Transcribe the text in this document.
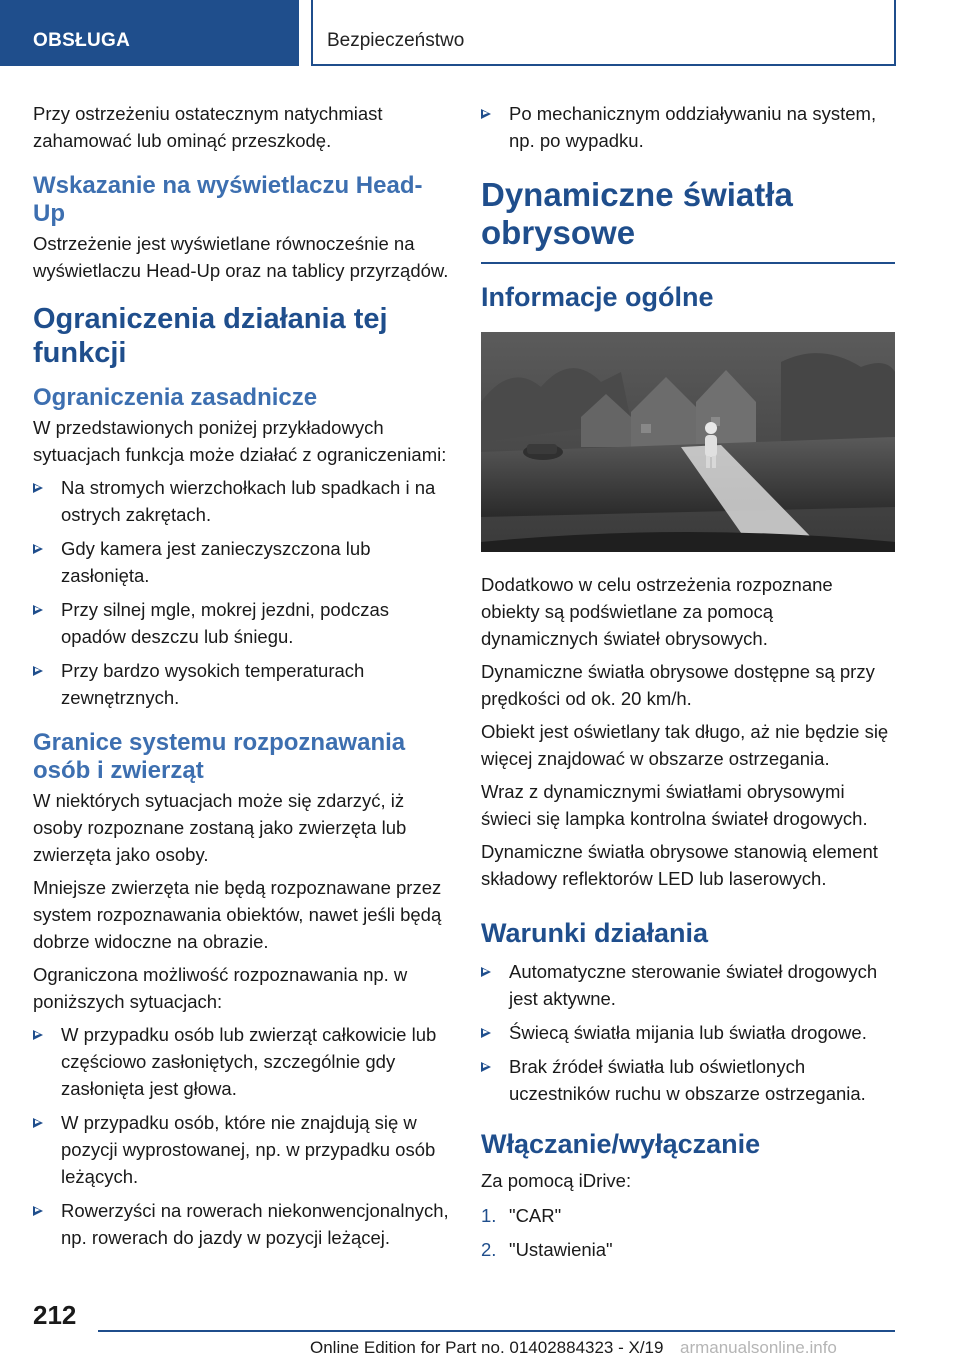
OBSŁUGA	Bezpieczeństwo

Przy ostrzeżeniu ostatecznym natychmiast zahamować lub ominąć przeszkodę.

Wskazanie na wyświetlaczu Head-Up

Ostrzeżenie jest wyświetlane równocześnie na wyświetlaczu Head-Up oraz na tablicy przyrządów.

Ograniczenia działania tej funkcji
Ograniczenia zasadnicze

W przedstawionych poniżej przykładowych sytuacjach funkcja może działać z ograniczeniami:

Na stromych wierzchołkach lub spadkach i na ostrych zakrętach.
Gdy kamera jest zanieczyszczona lub zasłonięta.
Przy silnej mgle, mokrej jezdni, podczas opadów deszczu lub śniegu.
Przy bardzo wysokich temperaturach zewnętrznych.
Granice systemu rozpoznawania osób i zwierząt

W niektórych sytuacjach może się zdarzyć, iż osoby rozpoznane zostaną jako zwierzęta lub zwierzęta jako osoby.

Mniejsze zwierzęta nie będą rozpoznawane przez system rozpoznawania obiektów, nawet jeśli będą dobrze widoczne na obrazie.

Ograniczona możliwość rozpoznawania np. w poniższych sytuacjach:

W przypadku osób lub zwierząt całkowicie lub częściowo zasłoniętych, szczególnie gdy zasłonięta jest głowa.
W przypadku osób, które nie znajdują się w pozycji wyprostowanej, np. w przypadku osób leżących.
Rowerzyści na rowerach niekonwencjonalnych, np. rowerach do jazdy w pozycji leżącej.
Po mechanicznym oddziaływaniu na system, np. po wypadku.
Dynamiczne światła obrysowe
Informacje ogólne

Dodatkowo w celu ostrzeżenia rozpoznane obiekty są podświetlane za pomocą dynamicznych świateł obrysowych.

Dynamiczne światła obrysowe dostępne są przy prędkości od ok. 20 km/h.

Obiekt jest oświetlany tak długo, aż nie będzie się więcej znajdować w obszarze ostrzegania.

Wraz z dynamicznymi światłami obrysowymi świeci się lampka kontrolna świateł drogowych.

Dynamiczne światła obrysowe stanowią element składowy reflektorów LED lub laserowych.

Warunki działania
Automatyczne sterowanie świateł drogowych jest aktywne.
Świecą światła mijania lub światła drogowe.
Brak źródeł światła lub oświetlonych uczestników ruchu w obszarze ostrzegania.
Włączanie/wyłączanie

Za pomocą iDrive:

1. "CAR"
2. "Ustawienia"
212
Online Edition for Part no. 01402884323 - X/19 armanualsonline.info
